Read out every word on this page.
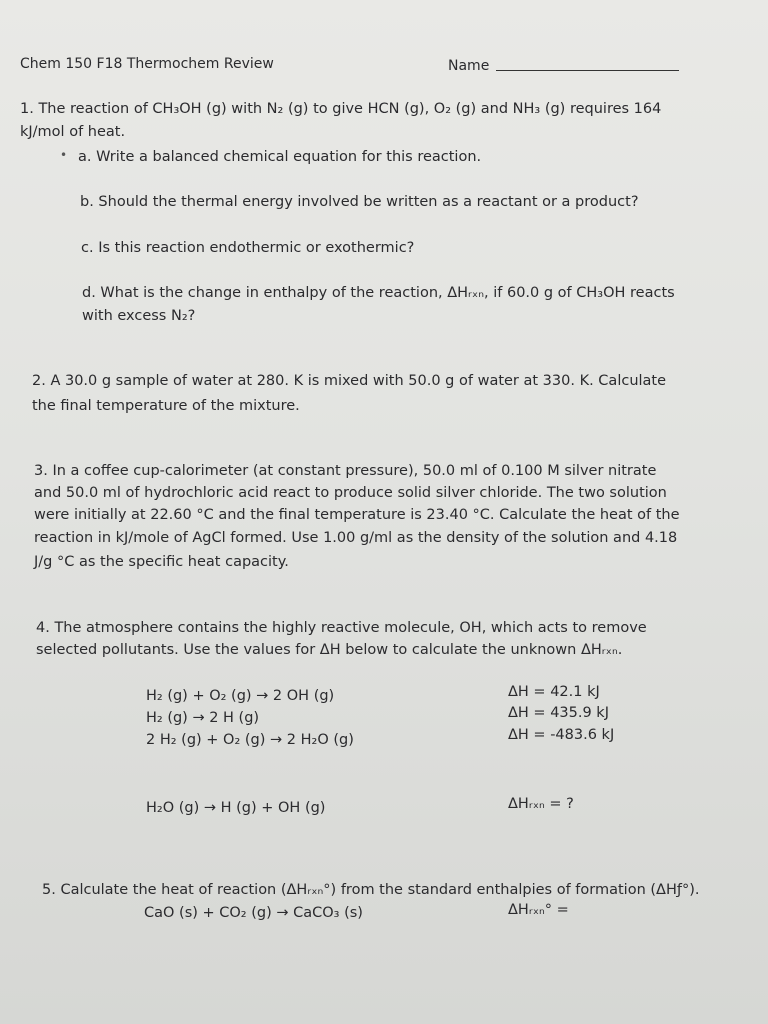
Chem 150 F18 Thermochem Review	Name
1. The reaction of CH₃OH (g) with N₂ (g) to give HCN (g), O₂ (g) and NH₃ (g) requires 164
kJ/mol of heat.
• a. Write a balanced chemical equation for this reaction.
b. Should the thermal energy involved be written as a reactant or a product?
c. Is this reaction endothermic or exothermic?
d. What is the change in enthalpy of the reaction, ΔHᵣₓₙ, if 60.0 g of CH₃OH reacts
with excess N₂?
2. A 30.0 g sample of water at 280. K is mixed with 50.0 g of water at 330. K. Calculate
the final temperature of the mixture.
3. In a coffee cup-calorimeter (at constant pressure), 50.0 ml of 0.100 M silver nitrate
and 50.0 ml of hydrochloric acid react to produce solid silver chloride. The two solution
were initially at 22.60 °C and the final temperature is 23.40 °C. Calculate the heat of the
reaction in kJ/mole of AgCl formed. Use 1.00 g/ml as the density of the solution and 4.18
J/g °C as the specific heat capacity.
4. The atmosphere contains the highly reactive molecule, OH, which acts to remove
selected pollutants. Use the values for ΔH below to calculate the unknown ΔHᵣₓₙ.
H₂ (g) + O₂ (g) → 2 OH (g)	ΔH = 42.1 kJ
H₂ (g) → 2 H (g)	ΔH = 435.9 kJ
2 H₂ (g) + O₂ (g) → 2 H₂O (g)	ΔH = -483.6 kJ
H₂O (g) → H (g) + OH (g)	ΔHᵣₓₙ = ?
5. Calculate the heat of reaction (ΔHᵣₓₙ°) from the standard enthalpies of formation (ΔHƒ°).
CaO (s) + CO₂ (g) → CaCO₃ (s)	ΔHᵣₓₙ° =
